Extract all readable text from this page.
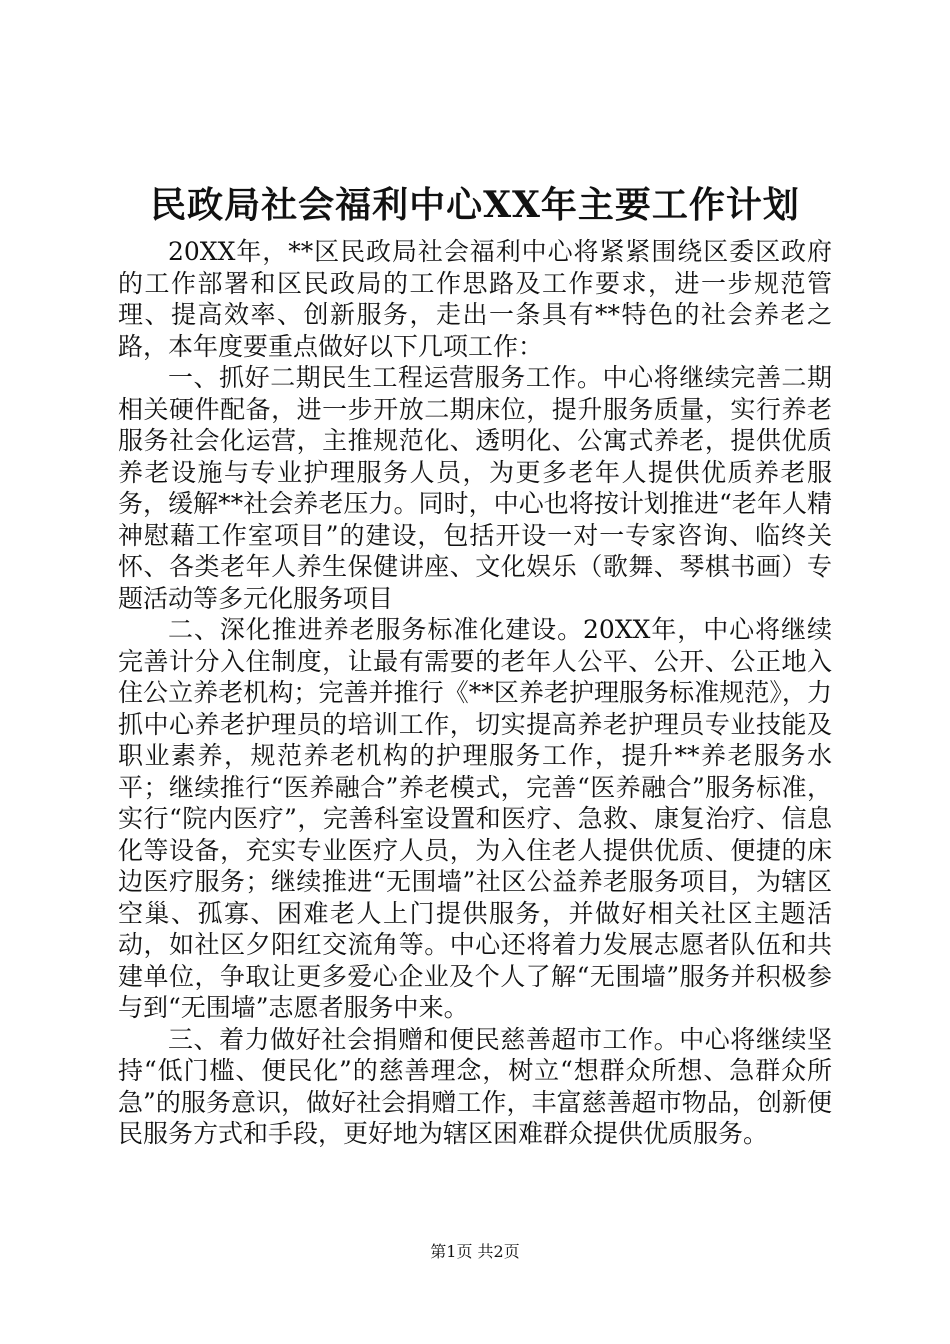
民政局社会福利中心XX年主要工作计划

20XX年，**区民政局社会福利中心将紧紧围绕区委区政府的工作部署和区民政局的工作思路及工作要求，进一步规范管理、提高效率、创新服务，走出一条具有**特色的社会养老之路，本年度要重点做好以下几项工作：

一、抓好二期民生工程运营服务工作。中心将继续完善二期相关硬件配备，进一步开放二期床位，提升服务质量，实行养老服务社会化运营，主推规范化、透明化、公寓式养老，提供优质养老设施与专业护理服务人员，为更多老年人提供优质养老服务，缓解**社会养老压力。同时，中心也将按计划推进“老年人精神慰藉工作室项目”的建设，包括开设一对一专家咨询、临终关怀、各类老年人养生保健讲座、文化娱乐（歌舞、琴棋书画）专题活动等多元化服务项目

二、深化推进养老服务标准化建设。20XX年，中心将继续完善计分入住制度，让最有需要的老年人公平、公开、公正地入住公立养老机构；完善并推行《**区养老护理服务标准规范》，力抓中心养老护理员的培训工作，切实提高养老护理员专业技能及职业素养，规范养老机构的护理服务工作，提升**养老服务水平；继续推行“医养融合”养老模式，完善“医养融合”服务标准，实行“院内医疗”，完善科室设置和医疗、急救、康复治疗、信息化等设备，充实专业医疗人员，为入住老人提供优质、便捷的床边医疗服务；继续推进“无围墙”社区公益养老服务项目，为辖区空巢、孤寡、困难老人上门提供服务，并做好相关社区主题活动，如社区夕阳红交流角等。中心还将着力发展志愿者队伍和共建单位，争取让更多爱心企业及个人了解“无围墙”服务并积极参与到“无围墙”志愿者服务中来。

三、着力做好社会捐赠和便民慈善超市工作。中心将继续坚持“低门槛、便民化”的慈善理念，树立“想群众所想、急群众所急”的服务意识，做好社会捐赠工作，丰富慈善超市物品，创新便民服务方式和手段，更好地为辖区困难群众提供优质服务。

第1页 共2页
